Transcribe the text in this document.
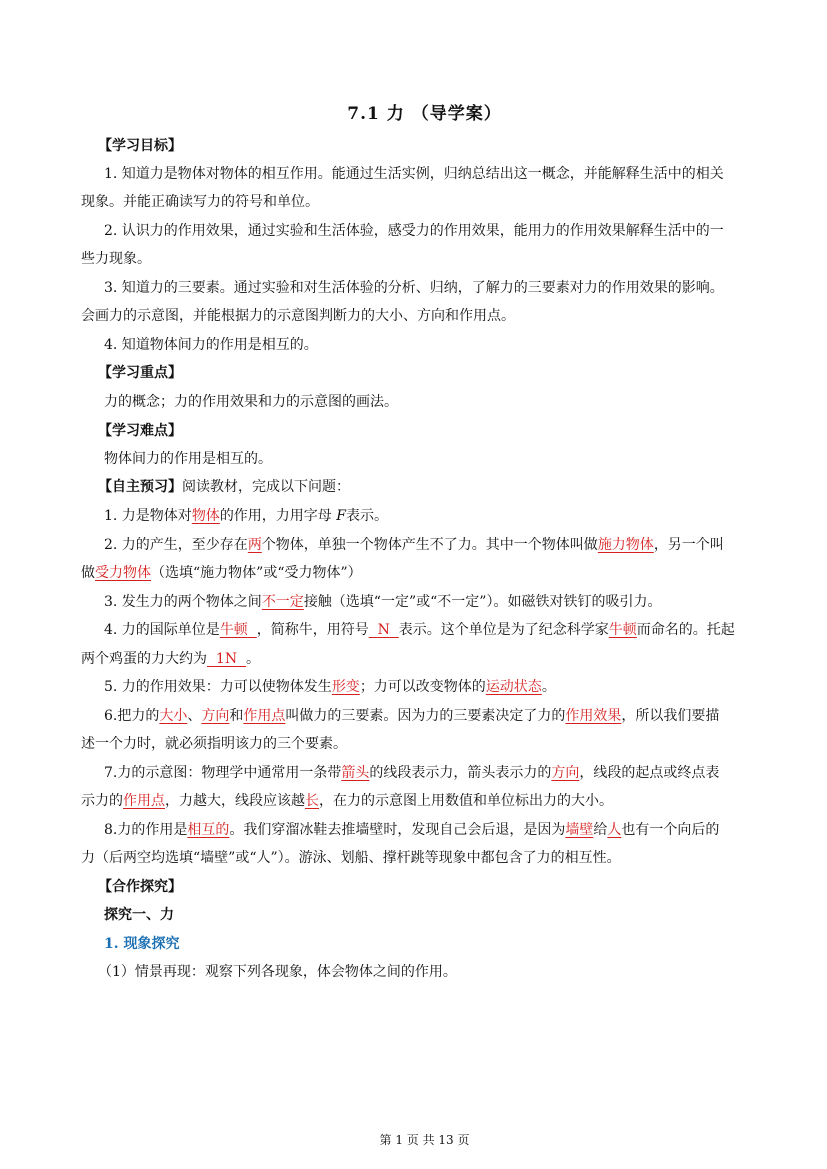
7.1 力 （导学案）
【学习目标】
1. 知道力是物体对物体的相互作用。能通过生活实例，归纳总结出这一概念，并能解释生活中的相关
现象。并能正确读写力的符号和单位。
2. 认识力的作用效果，通过实验和生活体验，感受力的作用效果，能用力的作用效果解释生活中的一
些力现象。
3. 知道力的三要素。通过实验和对生活体验的分析、归纳，了解力的三要素对力的作用效果的影响。
会画力的示意图，并能根据力的示意图判断力的大小、方向和作用点。
4. 知道物体间力的作用是相互的。
【学习重点】
力的概念；力的作用效果和力的示意图的画法。
【学习难点】
物体间力的作用是相互的。
【自主预习】阅读教材，完成以下问题：
1. 力是物体对物体的作用，力用字母 F表示。
2. 力的产生，至少存在两个物体，单独一个物体产生不了力。其中一个物体叫做施力物体，另一个叫
做受力物体（选填“施力物体”或“受力物体”）
3. 发生力的两个物体之间不一定接触（选填“一定”或“不一定”）。如磁铁对铁钉的吸引力。
4. 力的国际单位是牛顿 ，简称牛，用符号 N 表示。这个单位是为了纪念科学家牛顿而命名的。托起
两个鸡蛋的力大约为 1N 。
5. 力的作用效果：力可以使物体发生形变；力可以改变物体的运动状态。
6.把力的大小、方向和作用点叫做力的三要素。因为力的三要素决定了力的作用效果，所以我们要描
述一个力时，就必须指明该力的三个要素。
7.力的示意图：物理学中通常用一条带箭头的线段表示力，箭头表示力的方向，线段的起点或终点表
示力的作用点，力越大，线段应该越长，在力的示意图上用数值和单位标出力的大小。
8.力的作用是相互的。我们穿溜冰鞋去推墙壁时，发现自己会后退，是因为墙壁给人也有一个向后的
力（后两空均选填“墙壁”或“人”）。游泳、划船、撑杆跳等现象中都包含了力的相互性。
【合作探究】
探究一、力
1. 现象探究
（1）情景再现：观察下列各现象，体会物体之间的作用。
第 1 页 共 13 页
